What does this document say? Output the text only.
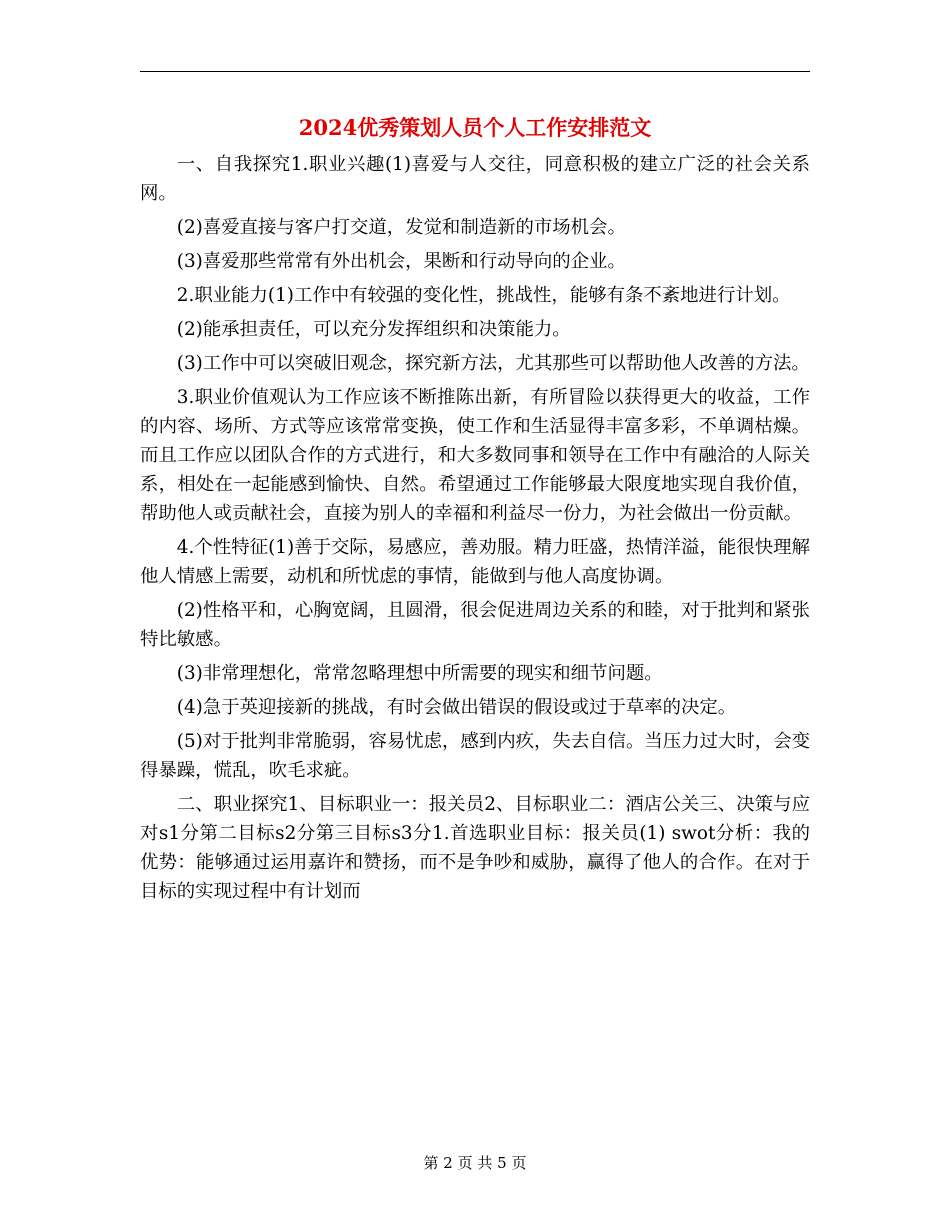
2024优秀策划人员个人工作安排范文

一、自我探究1.职业兴趣(1)喜爱与人交往，同意积极的建立广泛的社会关系网。

(2)喜爱直接与客户打交道，发觉和制造新的市场机会。

(3)喜爱那些常常有外出机会，果断和行动导向的企业。

2.职业能力(1)工作中有较强的变化性，挑战性，能够有条不紊地进行计划。

(2)能承担责任，可以充分发挥组织和决策能力。

(3)工作中可以突破旧观念，探究新方法，尤其那些可以帮助他人改善的方法。

3.职业价值观认为工作应该不断推陈出新，有所冒险以获得更大的收益，工作的内容、场所、方式等应该常常变换，使工作和生活显得丰富多彩，不单调枯燥。而且工作应以团队合作的方式进行，和大多数同事和领导在工作中有融洽的人际关系，相处在一起能感到愉快、自然。希望通过工作能够最大限度地实现自我价值，帮助他人或贡献社会，直接为别人的幸福和利益尽一份力，为社会做出一份贡献。

4.个性特征(1)善于交际，易感应，善劝服。精力旺盛，热情洋溢，能很快理解他人情感上需要，动机和所忧虑的事情，能做到与他人高度协调。

(2)性格平和，心胸宽阔，且圆滑，很会促进周边关系的和睦，对于批判和紧张特比敏感。

(3)非常理想化，常常忽略理想中所需要的现实和细节问题。

(4)急于英迎接新的挑战，有时会做出错误的假设或过于草率的决定。

(5)对于批判非常脆弱，容易忧虑，感到内疚，失去自信。当压力过大时，会变得暴躁，慌乱，吹毛求疵。

二、职业探究1、目标职业一：报关员2、目标职业二：酒店公关三、决策与应对s1分第二目标s2分第三目标s3分1.首选职业目标：报关员(1) swot分析：我的优势：能够通过运用嘉许和赞扬，而不是争吵和威胁，赢得了他人的合作。在对于目标的实现过程中有计划而

第 2 页 共 5 页
